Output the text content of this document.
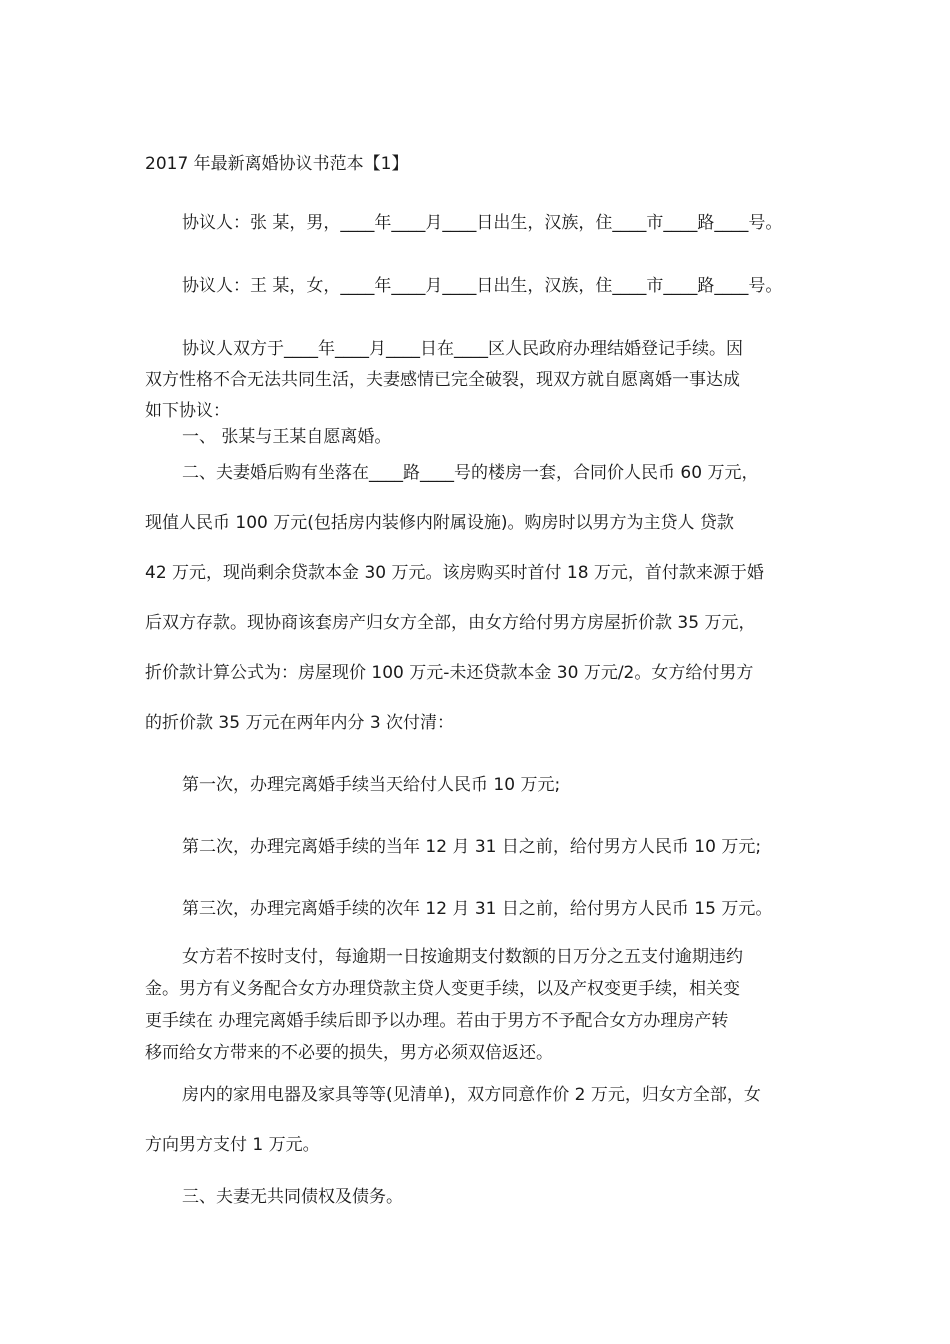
2017 年最新离婚协议书范本【1】
协议人：张 某，男，____年____月____日出生，汉族，住____市____路____号。
协议人：王 某，女，____年____月____日出生，汉族，住____市____路____号。
协议人双方于____年____月____日在____区人民政府办理结婚登记手续。因
双方性格不合无法共同生活，夫妻感情已完全破裂，现双方就自愿离婚一事达成
如下协议：
一、 张某与王某自愿离婚。
二、夫妻婚后购有坐落在____路____号的楼房一套，合同价人民币 60 万元，
现值人民币 100 万元(包括房内装修内附属设施)。购房时以男方为主贷人 贷款
42 万元，现尚剩余贷款本金 30 万元。该房购买时首付 18 万元，首付款来源于婚
后双方存款。现协商该套房产归女方全部，由女方给付男方房屋折价款 35 万元，
折价款计算公式为：房屋现价 100 万元-未还贷款本金 30 万元/2。女方给付男方
的折价款 35 万元在两年内分 3 次付清：
第一次，办理完离婚手续当天给付人民币 10 万元;
第二次，办理完离婚手续的当年 12 月 31 日之前，给付男方人民币 10 万元;
第三次，办理完离婚手续的次年 12 月 31 日之前，给付男方人民币 15 万元。
女方若不按时支付，每逾期一日按逾期支付数额的日万分之五支付逾期违约
金。男方有义务配合女方办理贷款主贷人变更手续，以及产权变更手续，相关变
更手续在 办理完离婚手续后即予以办理。若由于男方不予配合女方办理房产转
移而给女方带来的不必要的损失，男方必须双倍返还。
房内的家用电器及家具等等(见清单)，双方同意作价 2 万元，归女方全部，女
方向男方支付 1 万元。
三、夫妻无共同债权及债务。
